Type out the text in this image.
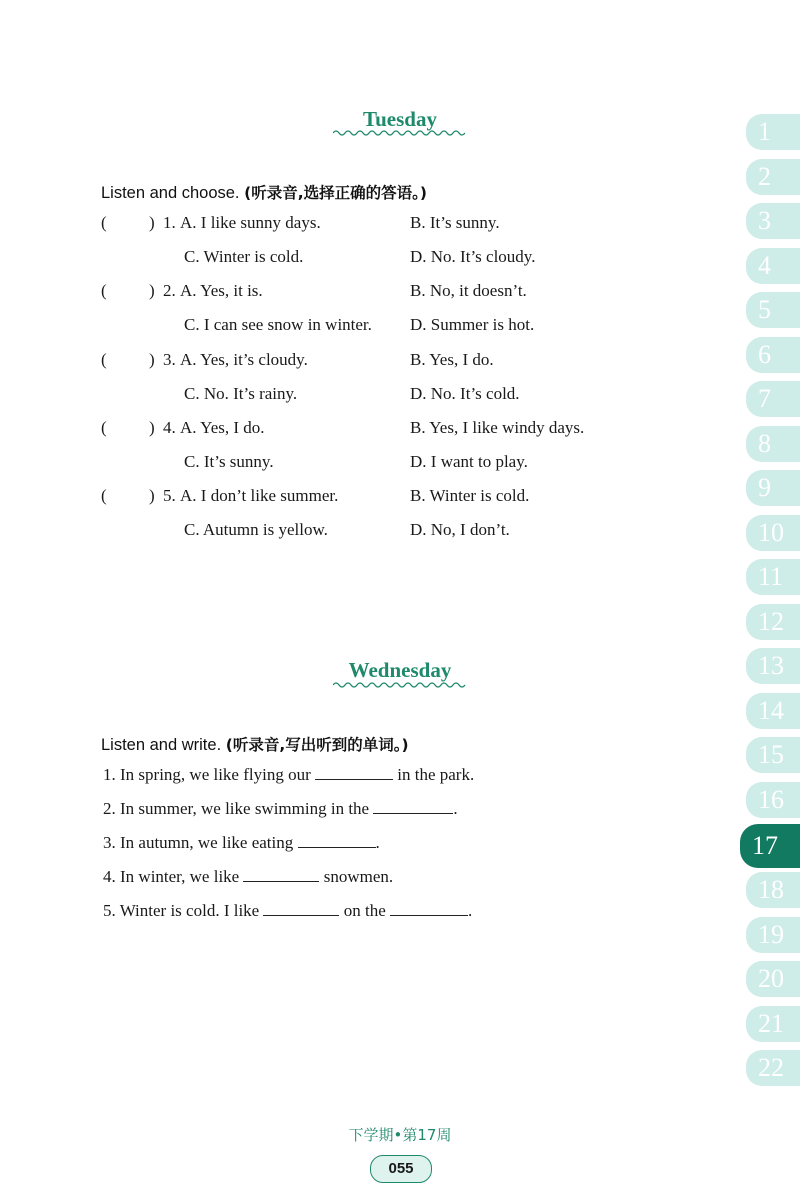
Tuesday
Listen and choose. (听录音,选择正确的答语。)
( ) 1. A. I like sunny days.	B. It’s sunny.
C. Winter is cold.	D. No. It’s cloudy.
( ) 2. A. Yes, it is.	B. No, it doesn’t.
C. I can see snow in winter. D. Summer is hot.
( ) 3. A. Yes, it’s cloudy.	B. Yes, I do.
C. No. It’s rainy.	D. No. It’s cold.
( ) 4. A. Yes, I do.	B. Yes, I like windy days.
C. It’s sunny.	D. I want to play.
( ) 5. A. I don’t like summer.	B. Winter is cold.
C. Autumn is yellow.	D. No, I don’t.
Wednesday
Listen and write. (听录音,写出听到的单词。)
1. In spring, we like flying our	in the park.
2. In summer, we like swimming in the	.
3. In autumn, we like eating	.
4. In winter, we like	snowmen.
5. Winter is cold. I like	on the	.
1
2
3
4
5
6
7
8
9
10
11
12
13
14
15
16
17
18
19
20
21
22
下学期•第17周
055
